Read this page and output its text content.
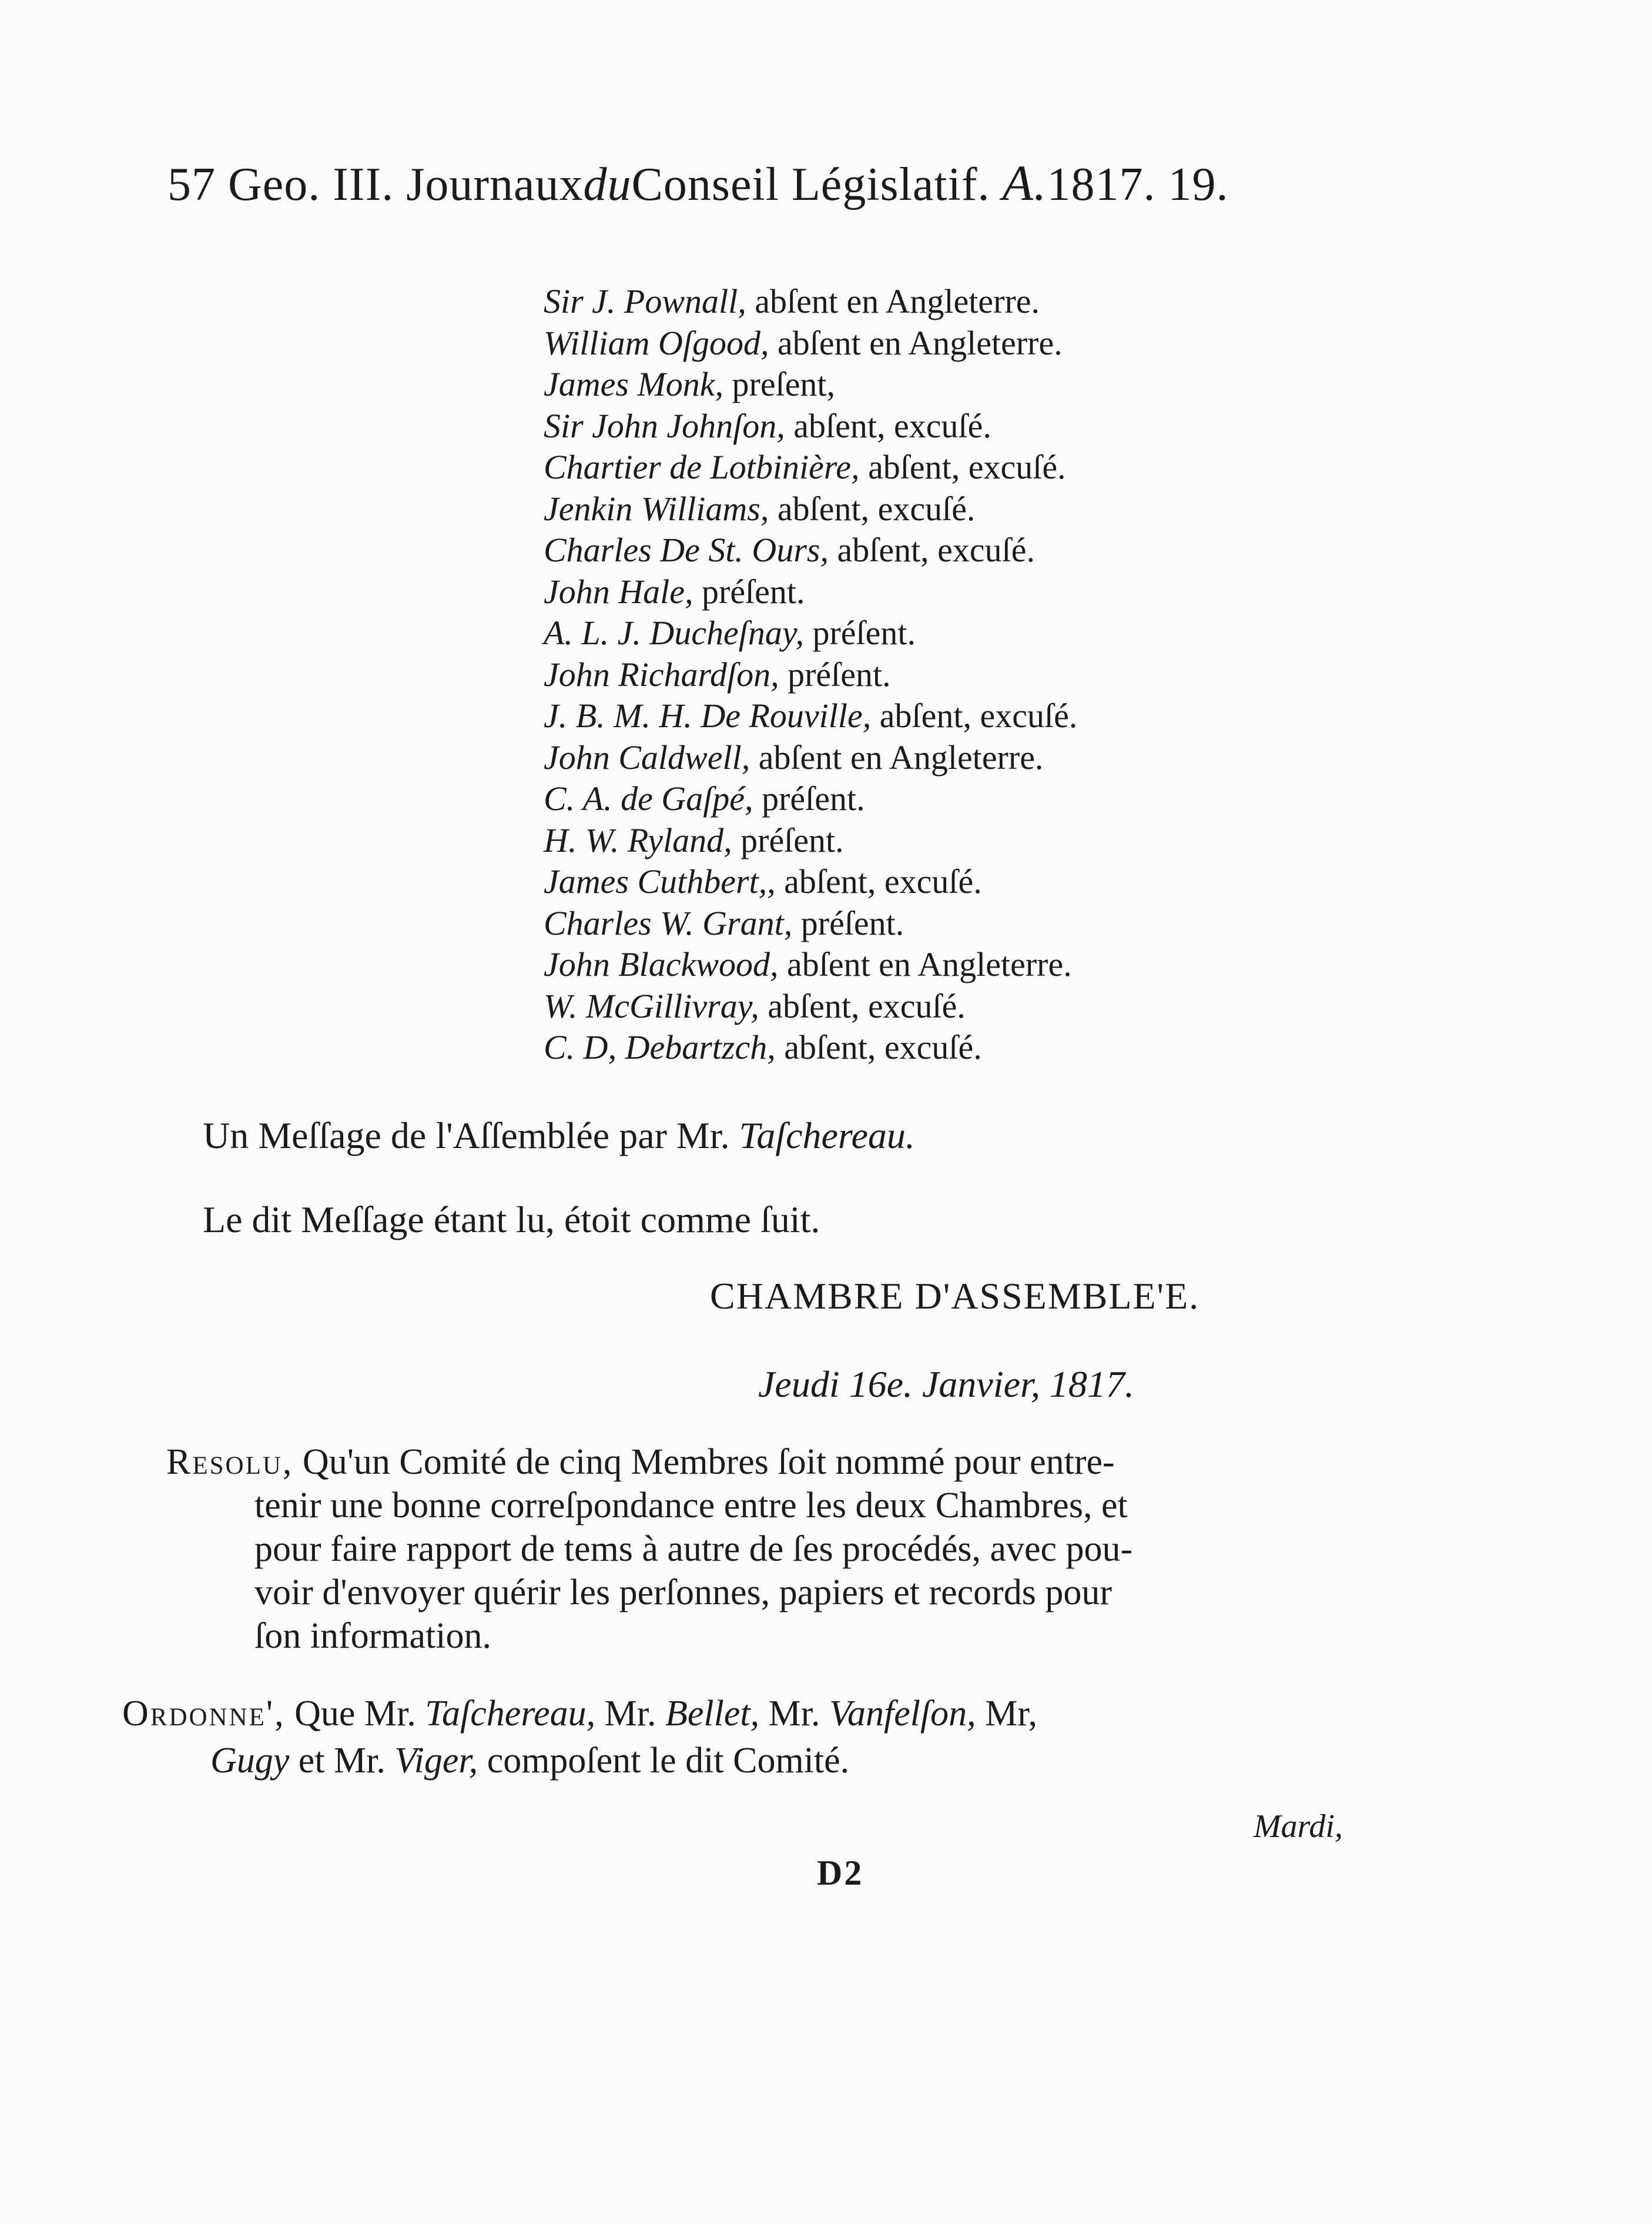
57 Geo. III. JournauxduConseil Législatif. A.1817. 19.
Sir J. Pownall, abſent en Angleterre.
William Oſgood, abſent en Angleterre.
James Monk, preſent,
Sir John Johnſon, abſent, excuſé.
Chartier de Lotbinière, abſent, excuſé.
Jenkin Williams, abſent, excuſé.
Charles De St. Ours, abſent, excuſé.
John Hale, préſent.
A. L. J. Ducheſnay, préſent.
John Richardſon, préſent.
J. B. M. H. De Rouville, abſent, excuſé.
John Caldwell, abſent en Angleterre.
C. A. de Gaſpé, préſent.
H. W. Ryland, préſent.
James Cuthbert,, abſent, excuſé.
Charles W. Grant, préſent.
John Blackwood, abſent en Angleterre.
W. McGillivray, abſent, excuſé.
C. D, Debartzch, abſent, excuſé.
Un Meſſage de l'Aſſemblée par Mr. Taſchereau.
Le dit Meſſage étant lu, étoit comme ſuit.
CHAMBRE D'ASSEMBLE'E.
Jeudi 16e. Janvier, 1817.
Resolu, Qu'un Comité de cinq Membres ſoit nommé pour entre-
tenir une bonne correſpondance entre les deux Chambres, et
pour faire rapport de tems à autre de ſes procédés, avec pou-
voir d'envoyer quérir les perſonnes, papiers et records pour
ſon information.
Ordonne', Que Mr. Taſchereau, Mr. Bellet, Mr. Vanfelſon, Mr,
Gugy et Mr. Viger, compoſent le dit Comité.
Mardi,
D2
